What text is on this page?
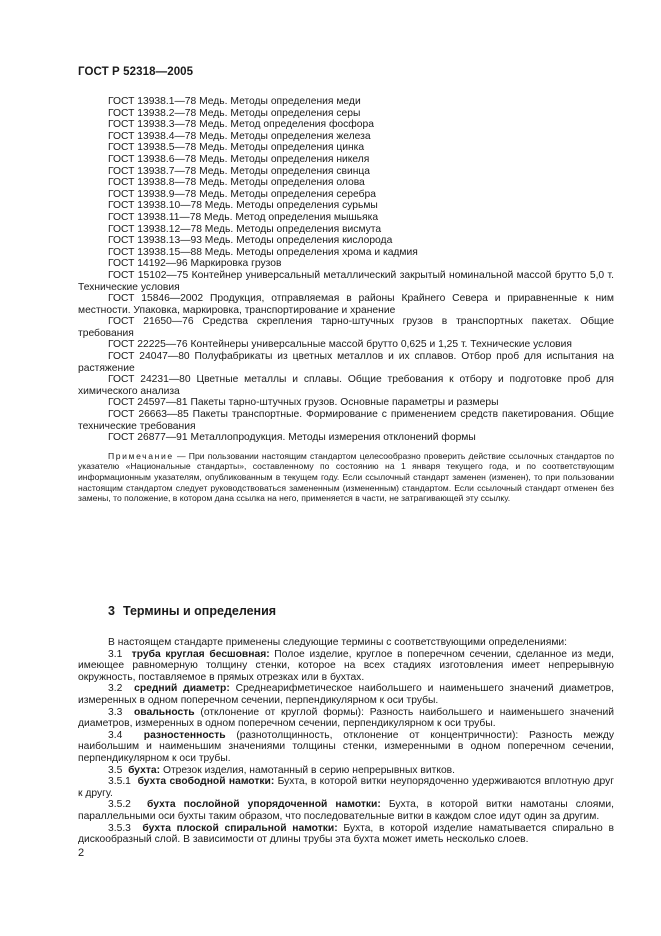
ГОСТ Р 52318—2005

ГОСТ 13938.1—78 Медь. Методы определения меди

ГОСТ 13938.2—78 Медь. Методы определения серы

ГОСТ 13938.3—78 Медь. Метод определения фосфора

ГОСТ 13938.4—78 Медь. Методы определения железа

ГОСТ 13938.5—78 Медь. Методы определения цинка

ГОСТ 13938.6—78 Медь. Методы определения никеля

ГОСТ 13938.7—78 Медь. Методы определения свинца

ГОСТ 13938.8—78 Медь. Методы определения олова

ГОСТ 13938.9—78 Медь. Методы определения серебра

ГОСТ 13938.10—78 Медь. Методы определения сурьмы

ГОСТ 13938.11—78 Медь. Метод определения мышьяка

ГОСТ 13938.12—78 Медь. Методы определения висмута

ГОСТ 13938.13—93 Медь. Методы определения кислорода

ГОСТ 13938.15—88 Медь. Методы определения хрома и кадмия

ГОСТ 14192—96 Маркировка грузов

ГОСТ 15102—75 Контейнер универсальный металлический закрытый номинальной массой брутто 5,0 т. Технические условия

ГОСТ 15846—2002 Продукция, отправляемая в районы Крайнего Севера и приравненные к ним местности. Упаковка, маркировка, транспортирование и хранение

ГОСТ 21650—76 Средства скрепления тарно-штучных грузов в транспортных пакетах. Общие требования

ГОСТ 22225—76 Контейнеры универсальные массой брутто 0,625 и 1,25 т. Технические условия

ГОСТ 24047—80 Полуфабрикаты из цветных металлов и их сплавов. Отбор проб для испытания на растяжение

ГОСТ 24231—80 Цветные металлы и сплавы. Общие требования к отбору и подготовке проб для химического анализа

ГОСТ 24597—81 Пакеты тарно-штучных грузов. Основные параметры и размеры

ГОСТ 26663—85 Пакеты транспортные. Формирование с применением средств пакетирования. Общие технические требования

ГОСТ 26877—91 Металлопродукция. Методы измерения отклонений формы

Примечание — При пользовании настоящим стандартом целесообразно проверить действие ссылочных стандартов по указателю «Национальные стандарты», составленному по состоянию на 1 января текущего года, и по соответствующим информационным указателям, опубликованным в текущем году. Если ссылочный стандарт заменен (изменен), то при пользовании настоящим стандартом следует руководствоваться замененным (измененным) стандартом. Если ссылочный стандарт отменен без замены, то положение, в котором дана ссылка на него, применяется в части, не затрагивающей эту ссылку.

3 Термины и определения

В настоящем стандарте применены следующие термины с соответствующими определениями:

3.1 труба круглая бесшовная: Полое изделие, круглое в поперечном сечении, сделанное из меди, имеющее равномерную толщину стенки, которое на всех стадиях изготовления имеет непрерывную окружность, поставляемое в прямых отрезках или в бухтах.

3.2 средний диаметр: Среднеарифметическое наибольшего и наименьшего значений диаметров, измеренных в одном поперечном сечении, перпендикулярном к оси трубы.

3.3 овальность (отклонение от круглой формы): Разность наибольшего и наименьшего значений диаметров, измеренных в одном поперечном сечении, перпендикулярном к оси трубы.

3.4 разностенность (разнотолщинность, отклонение от концентричности): Разность между наибольшим и наименьшим значениями толщины стенки, измеренными в одном поперечном сечении, перпендикулярном к оси трубы.

3.5 бухта: Отрезок изделия, намотанный в серию непрерывных витков.

3.5.1 бухта свободной намотки: Бухта, в которой витки неупорядоченно удерживаются вплотную друг к другу.

3.5.2 бухта послойной упорядоченной намотки: Бухта, в которой витки намотаны слоями, параллельными оси бухты таким образом, что последовательные витки в каждом слое идут один за другим.

3.5.3 бухта плоской спиральной намотки: Бухта, в которой изделие наматывается спирально в дискообразный слой. В зависимости от длины трубы эта бухта может иметь несколько слоев.

2
